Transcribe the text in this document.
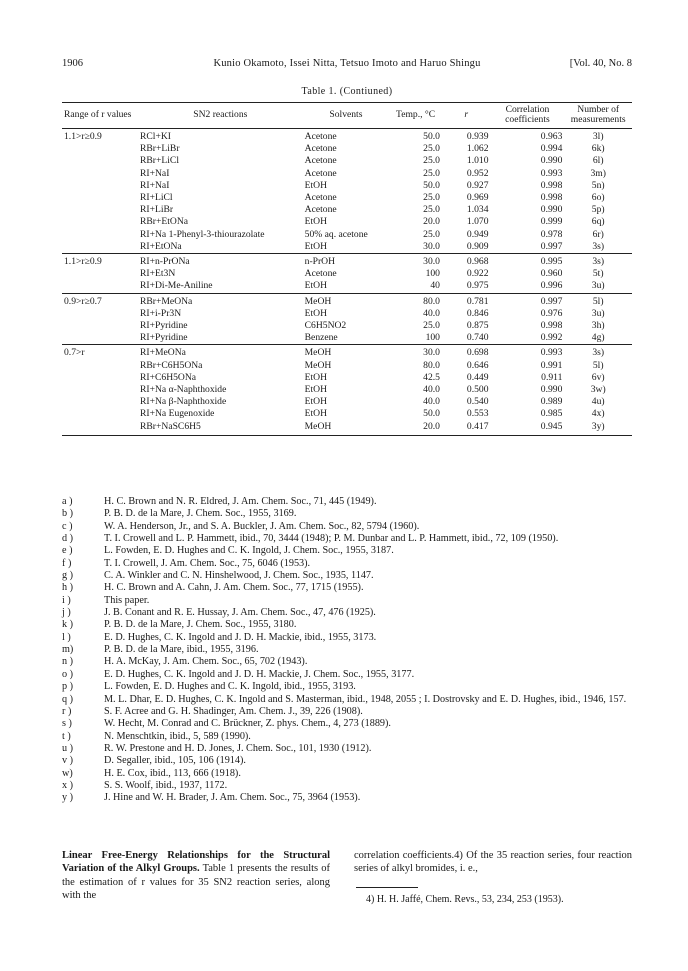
1906	Kunio Okamoto, Issei Nitta, Tetsuo Imoto and Haruo Shingu	[Vol. 40, No. 8
Table 1. (Contiuned)
Range of r values	SN2 reactions	Solvents	Temp., °C	r	Correlation coefficients	Number of measurements
1.1>r≥0.9	RCl+KI	Acetone	50.0	0.939	0.963	3l)
	RBr+LiBr	Acetone	25.0	1.062	0.994	6k)
	RBr+LiCl	Acetone	25.0	1.010	0.990	6l)
	RI+NaI	Acetone	25.0	0.952	0.993	3m)
	RI+NaI	EtOH	50.0	0.927	0.998	5n)
	RI+LiCl	Acetone	25.0	0.969	0.998	6o)
	RI+LiBr	Acetone	25.0	1.034	0.990	5p)
	RBr+EtONa	EtOH	20.0	1.070	0.999	6q)
	RI+Na 1-Phenyl-3-thiourazolate	50% aq. acetone	25.0	0.949	0.978	6r)
	RI+EtONa	EtOH	30.0	0.909	0.997	3s)
1.1>r≥0.9	RI+n-PrONa	n-PrOH	30.0	0.968	0.995	3s)
	RI+Et3N	Acetone	100	0.922	0.960	5t)
	RI+Di-Me-Aniline	EtOH	40	0.975	0.996	3u)
0.9>r≥0.7	RBr+MeONa	MeOH	80.0	0.781	0.997	5l)
	RI+i-Pr3N	EtOH	40.0	0.846	0.976	3u)
	RI+Pyridine	C6H5NO2	25.0	0.875	0.998	3h)
	RI+Pyridine	Benzene	100	0.740	0.992	4g)
0.7>r	RI+MeONa	MeOH	30.0	0.698	0.993	3s)
	RBr+C6H5ONa	MeOH	80.0	0.646	0.991	5l)
	RI+C6H5ONa	EtOH	42.5	0.449	0.911	6v)
	RI+Na α-Naphthoxide	EtOH	40.0	0.500	0.990	3w)
	RI+Na β-Naphthoxide	EtOH	40.0	0.540	0.989	4u)
	RI+Na Eugenoxide	EtOH	50.0	0.553	0.985	4x)
	RBr+NaSC6H5	MeOH	20.0	0.417	0.945	3y)
a )	H. C. Brown and N. R. Eldred, J. Am. Chem. Soc., 71, 445 (1949).
b )	P. B. D. de la Mare, J. Chem. Soc., 1955, 3169.
c )	W. A. Henderson, Jr., and S. A. Buckler, J. Am. Chem. Soc., 82, 5794 (1960).
d )	T. I. Crowell and L. P. Hammett, ibid., 70, 3444 (1948); P. M. Dunbar and L. P. Hammett, ibid., 72, 109 (1950).
e )	L. Fowden, E. D. Hughes and C. K. Ingold, J. Chem. Soc., 1955, 3187.
f )	T. I. Crowell, J. Am. Chem. Soc., 75, 6046 (1953).
g )	C. A. Winkler and C. N. Hinshelwood, J. Chem. Soc., 1935, 1147.
h )	H. C. Brown and A. Cahn, J. Am. Chem. Soc., 77, 1715 (1955).
i )	This paper.
j )	J. B. Conant and R. E. Hussay, J. Am. Chem. Soc., 47, 476 (1925).
k )	P. B. D. de la Mare, J. Chem. Soc., 1955, 3180.
l )	E. D. Hughes, C. K. Ingold and J. D. H. Mackie, ibid., 1955, 3173.
m)	P. B. D. de la Mare, ibid., 1955, 3196.
n )	H. A. McKay, J. Am. Chem. Soc., 65, 702 (1943).
o )	E. D. Hughes, C. K. Ingold and J. D. H. Mackie, J. Chem. Soc., 1955, 3177.
p )	L. Fowden, E. D. Hughes and C. K. Ingold, ibid., 1955, 3193.
q )	M. L. Dhar, E. D. Hughes, C. K. Ingold and S. Masterman, ibid., 1948, 2055 ; I. Dostrovsky and E. D. Hughes, ibid., 1946, 157.
r )	S. F. Acree and G. H. Shadinger, Am. Chem. J., 39, 226 (1908).
s )	W. Hecht, M. Conrad and C. Brückner, Z. phys. Chem., 4, 273 (1889).
t )	N. Menschtkin, ibid., 5, 589 (1990).
u )	R. W. Prestone and H. D. Jones, J. Chem. Soc., 101, 1930 (1912).
v )	D. Segaller, ibid., 105, 106 (1914).
w)	H. E. Cox, ibid., 113, 666 (1918).
x )	S. S. Woolf, ibid., 1937, 1172.
y )	J. Hine and W. H. Brader, J. Am. Chem. Soc., 75, 3964 (1953).
Linear Free-Energy Relationships for the Structural Variation of the Alkyl Groups. Table 1 presents the results of the estimation of r values for 35 SN2 reaction series, along with the
correlation coefficients.4) Of the 35 reaction series, four reaction series of alkyl bromides, i. e.,
4) H. H. Jaffé, Chem. Revs., 53, 234, 253 (1953).
